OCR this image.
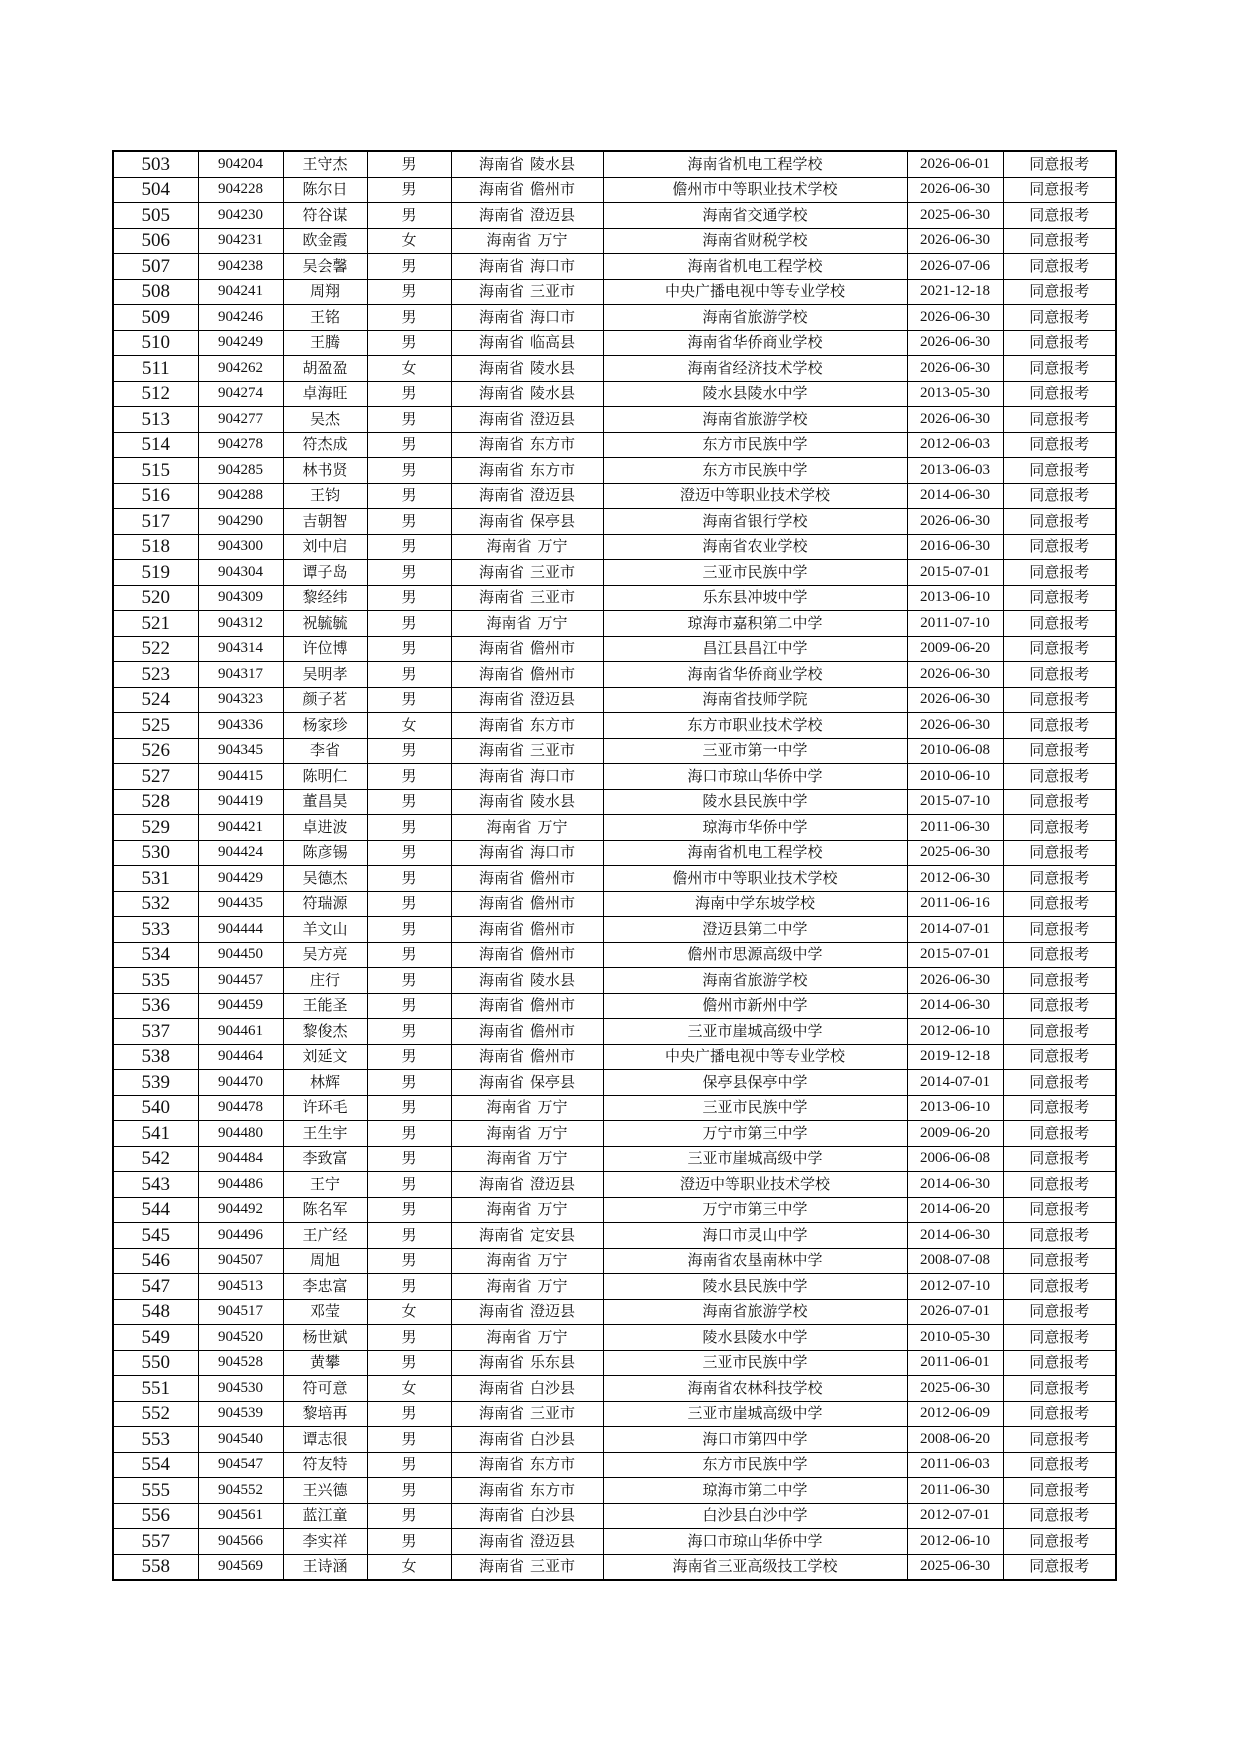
503	904204	王守杰	男	海南省 陵水县	海南省机电工程学校	2026-06-01	同意报考
504	904228	陈尔日	男	海南省 儋州市	儋州市中等职业技术学校	2026-06-30	同意报考
505	904230	符谷谋	男	海南省 澄迈县	海南省交通学校	2025-06-30	同意报考
506	904231	欧金霞	女	海南省 万宁	海南省财税学校	2026-06-30	同意报考
507	904238	吴会馨	男	海南省 海口市	海南省机电工程学校	2026-07-06	同意报考
508	904241	周翔	男	海南省 三亚市	中央广播电视中等专业学校	2021-12-18	同意报考
509	904246	王铭	男	海南省 海口市	海南省旅游学校	2026-06-30	同意报考
510	904249	王腾	男	海南省 临高县	海南省华侨商业学校	2026-06-30	同意报考
511	904262	胡盈盈	女	海南省 陵水县	海南省经济技术学校	2026-06-30	同意报考
512	904274	卓海旺	男	海南省 陵水县	陵水县陵水中学	2013-05-30	同意报考
513	904277	吴杰	男	海南省 澄迈县	海南省旅游学校	2026-06-30	同意报考
514	904278	符杰成	男	海南省 东方市	东方市民族中学	2012-06-03	同意报考
515	904285	林书贤	男	海南省 东方市	东方市民族中学	2013-06-03	同意报考
516	904288	王钧	男	海南省 澄迈县	澄迈中等职业技术学校	2014-06-30	同意报考
517	904290	吉朝智	男	海南省 保亭县	海南省银行学校	2026-06-30	同意报考
518	904300	刘中启	男	海南省 万宁	海南省农业学校	2016-06-30	同意报考
519	904304	谭子岛	男	海南省 三亚市	三亚市民族中学	2015-07-01	同意报考
520	904309	黎经纬	男	海南省 三亚市	乐东县冲坡中学	2013-06-10	同意报考
521	904312	祝毓毓	男	海南省 万宁	琼海市嘉积第二中学	2011-07-10	同意报考
522	904314	许位博	男	海南省 儋州市	昌江县昌江中学	2009-06-20	同意报考
523	904317	吴明孝	男	海南省 儋州市	海南省华侨商业学校	2026-06-30	同意报考
524	904323	颜子茗	男	海南省 澄迈县	海南省技师学院	2026-06-30	同意报考
525	904336	杨家珍	女	海南省 东方市	东方市职业技术学校	2026-06-30	同意报考
526	904345	李省	男	海南省 三亚市	三亚市第一中学	2010-06-08	同意报考
527	904415	陈明仁	男	海南省 海口市	海口市琼山华侨中学	2010-06-10	同意报考
528	904419	董昌昊	男	海南省 陵水县	陵水县民族中学	2015-07-10	同意报考
529	904421	卓进波	男	海南省 万宁	琼海市华侨中学	2011-06-30	同意报考
530	904424	陈彦锡	男	海南省 海口市	海南省机电工程学校	2025-06-30	同意报考
531	904429	吴德杰	男	海南省 儋州市	儋州市中等职业技术学校	2012-06-30	同意报考
532	904435	符瑞源	男	海南省 儋州市	海南中学东坡学校	2011-06-16	同意报考
533	904444	羊文山	男	海南省 儋州市	澄迈县第二中学	2014-07-01	同意报考
534	904450	吴方亮	男	海南省 儋州市	儋州市思源高级中学	2015-07-01	同意报考
535	904457	庄行	男	海南省 陵水县	海南省旅游学校	2026-06-30	同意报考
536	904459	王能圣	男	海南省 儋州市	儋州市新州中学	2014-06-30	同意报考
537	904461	黎俊杰	男	海南省 儋州市	三亚市崖城高级中学	2012-06-10	同意报考
538	904464	刘延文	男	海南省 儋州市	中央广播电视中等专业学校	2019-12-18	同意报考
539	904470	林辉	男	海南省 保亭县	保亭县保亭中学	2014-07-01	同意报考
540	904478	许环毛	男	海南省 万宁	三亚市民族中学	2013-06-10	同意报考
541	904480	王生宇	男	海南省 万宁	万宁市第三中学	2009-06-20	同意报考
542	904484	李致富	男	海南省 万宁	三亚市崖城高级中学	2006-06-08	同意报考
543	904486	王宁	男	海南省 澄迈县	澄迈中等职业技术学校	2014-06-30	同意报考
544	904492	陈名军	男	海南省 万宁	万宁市第三中学	2014-06-20	同意报考
545	904496	王广经	男	海南省 定安县	海口市灵山中学	2014-06-30	同意报考
546	904507	周旭	男	海南省 万宁	海南省农垦南林中学	2008-07-08	同意报考
547	904513	李忠富	男	海南省 万宁	陵水县民族中学	2012-07-10	同意报考
548	904517	邓莹	女	海南省 澄迈县	海南省旅游学校	2026-07-01	同意报考
549	904520	杨世斌	男	海南省 万宁	陵水县陵水中学	2010-05-30	同意报考
550	904528	黄攀	男	海南省 乐东县	三亚市民族中学	2011-06-01	同意报考
551	904530	符可意	女	海南省 白沙县	海南省农林科技学校	2025-06-30	同意报考
552	904539	黎培再	男	海南省 三亚市	三亚市崖城高级中学	2012-06-09	同意报考
553	904540	谭志很	男	海南省 白沙县	海口市第四中学	2008-06-20	同意报考
554	904547	符友特	男	海南省 东方市	东方市民族中学	2011-06-03	同意报考
555	904552	王兴德	男	海南省 东方市	琼海市第二中学	2011-06-30	同意报考
556	904561	蓝江童	男	海南省 白沙县	白沙县白沙中学	2012-07-01	同意报考
557	904566	李实祥	男	海南省 澄迈县	海口市琼山华侨中学	2012-06-10	同意报考
558	904569	王诗涵	女	海南省 三亚市	海南省三亚高级技工学校	2025-06-30	同意报考
